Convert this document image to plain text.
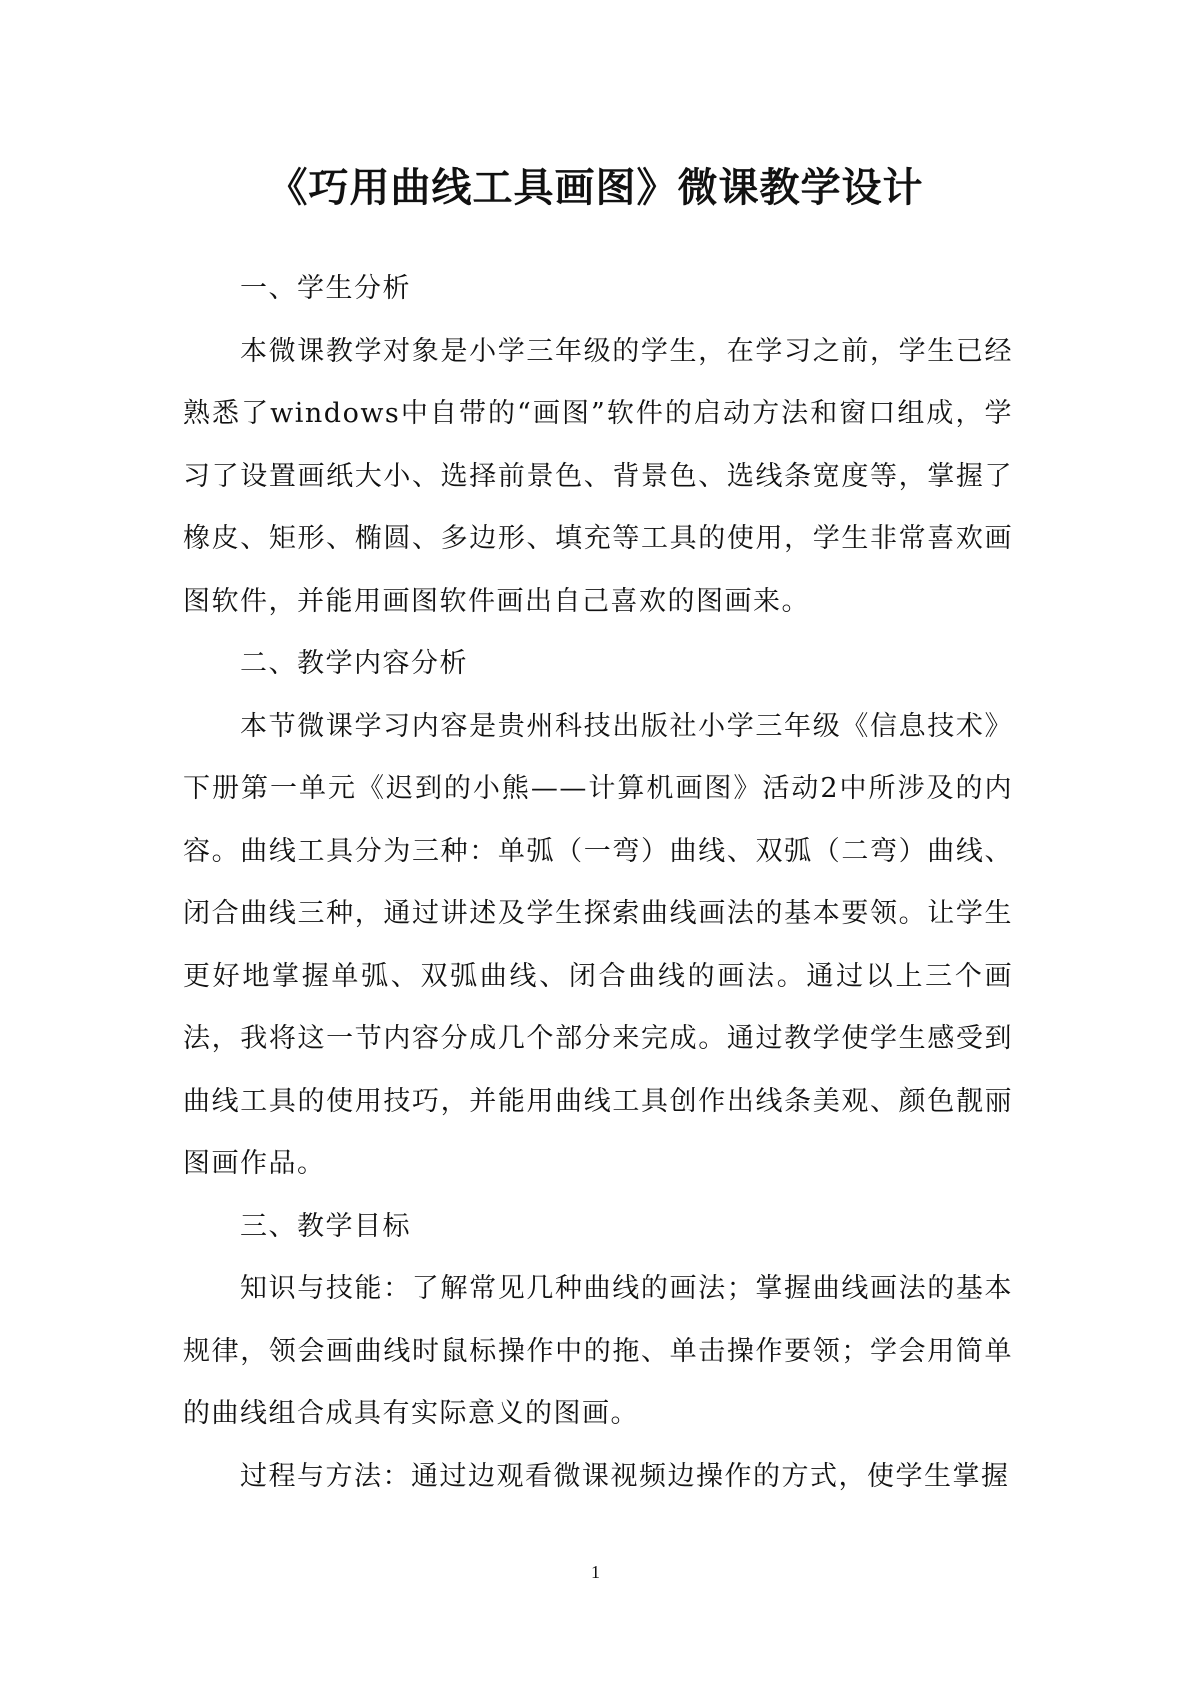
《巧用曲线工具画图》微课教学设计

一、学生分析

本微课教学对象是小学三年级的学生，在学习之前，学生已经熟悉了windows中自带的“画图”软件的启动方法和窗口组成，学习了设置画纸大小、选择前景色、背景色、选线条宽度等，掌握了橡皮、矩形、椭圆、多边形、填充等工具的使用，学生非常喜欢画图软件，并能用画图软件画出自己喜欢的图画来。

二、教学内容分析

本节微课学习内容是贵州科技出版社小学三年级《信息技术》下册第一单元《迟到的小熊——计算机画图》活动2中所涉及的内容。曲线工具分为三种：单弧（一弯）曲线、双弧（二弯）曲线、闭合曲线三种，通过讲述及学生探索曲线画法的基本要领。让学生更好地掌握单弧、双弧曲线、闭合曲线的画法。通过以上三个画法，我将这一节内容分成几个部分来完成。通过教学使学生感受到曲线工具的使用技巧，并能用曲线工具创作出线条美观、颜色靓丽图画作品。

三、教学目标

知识与技能：了解常见几种曲线的画法；掌握曲线画法的基本规律，领会画曲线时鼠标操作中的拖、单击操作要领；学会用简单的曲线组合成具有实际意义的图画。

过程与方法：通过边观看微课视频边操作的方式，使学生掌握

1
